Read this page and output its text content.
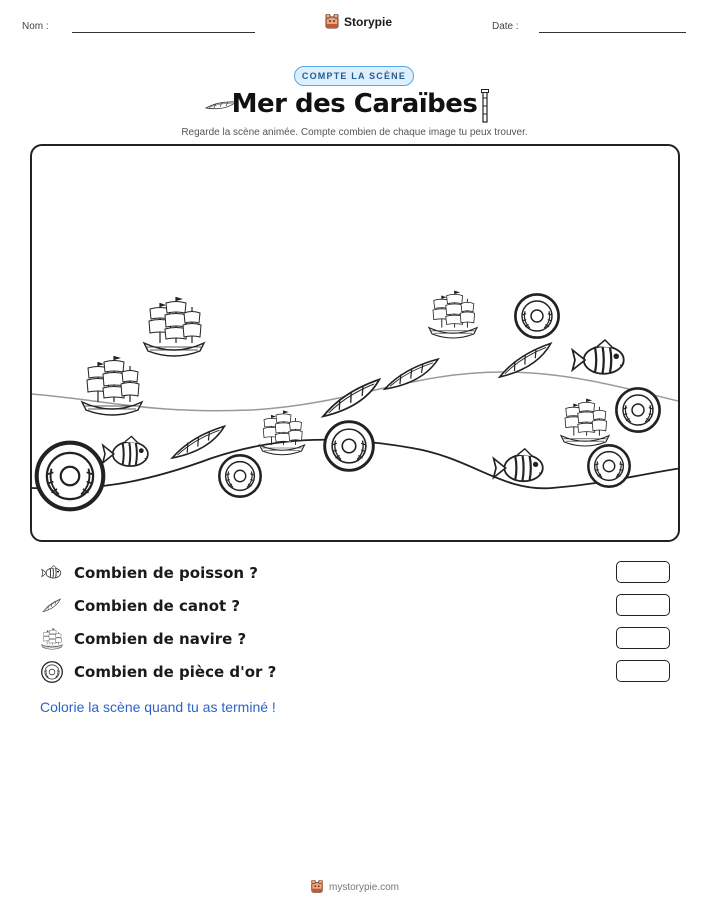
Nom :	Storypie	Date :
COMPTE LA SCÈNE
Mer des Caraïbes
Regarde la scène animée. Compte combien de chaque image tu peux trouver.
Combien de poisson ?
Combien de canot ?
Combien de navire ?
Combien de pièce d'or ?
Colorie la scène quand tu as terminé !
mystorypie.com
